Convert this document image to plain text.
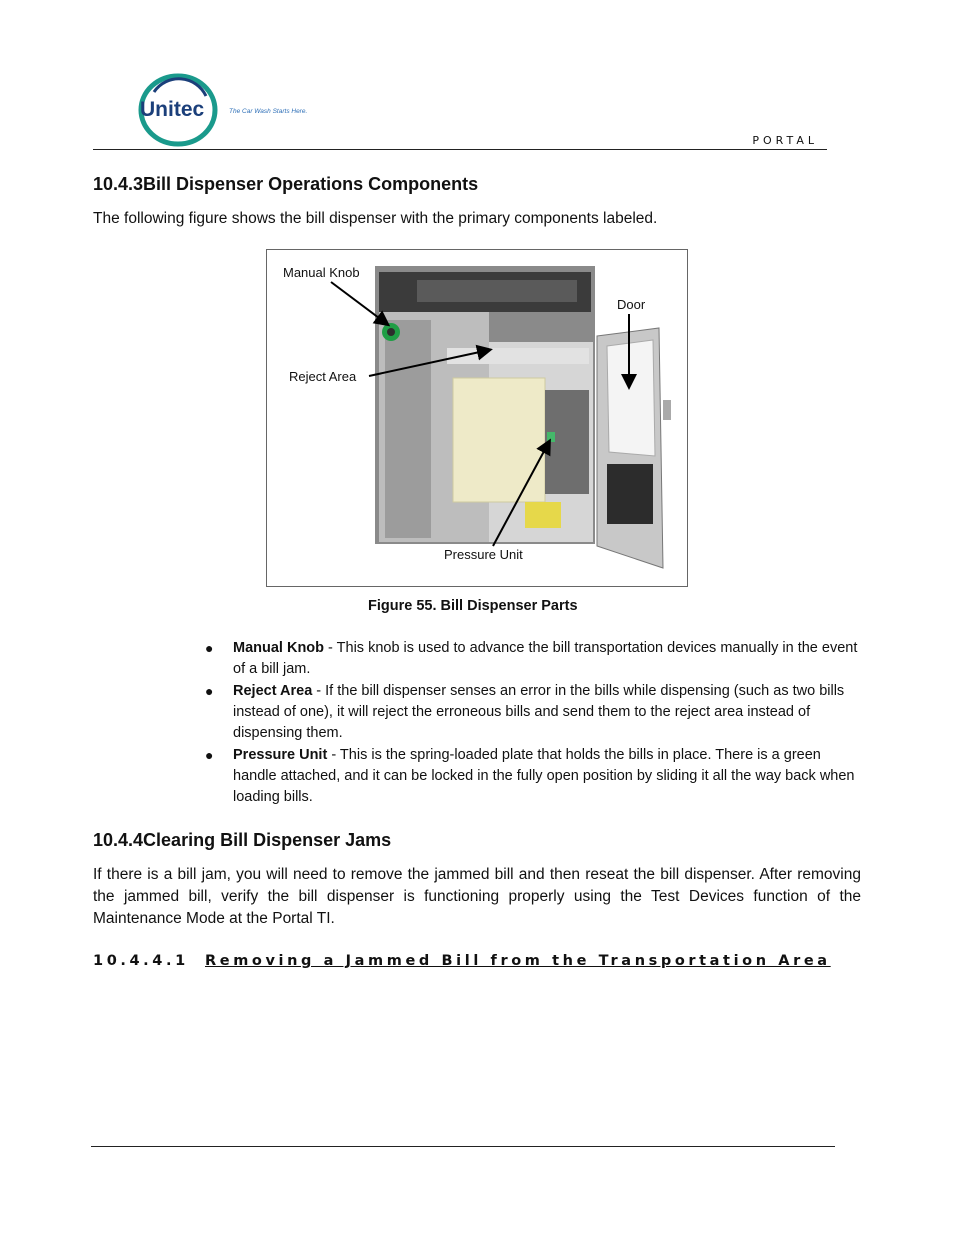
Unitec	The Car Wash Starts Here.
PORTAL
10.4.3Bill Dispenser Operations Components

The following figure shows the bill dispenser with the primary components labeled.

Manual Knob
Door
Reject Area
Pressure Unit
Figure 55. Bill Dispenser Parts
● Manual Knob - This knob is used to advance the bill transportation devices manually in the event of a bill jam.
● Reject Area - If the bill dispenser senses an error in the bills while dispensing (such as two bills instead of one), it will reject the erroneous bills and send them to the reject area instead of dispensing them.
● Pressure Unit - This is the spring-loaded plate that holds the bills in place. There is a green handle attached, and it can be locked in the fully open position by sliding it all the way back when loading bills.
10.4.4Clearing Bill Dispenser Jams

If there is a bill jam, you will need to remove the jammed bill and then reseat the bill dispenser. After removing the jammed bill, verify the bill dispenser is functioning properly using the Test Devices function of the Maintenance Mode at the Portal TI.

10.4.4.1 Removing a Jammed Bill from the Transportation Area
